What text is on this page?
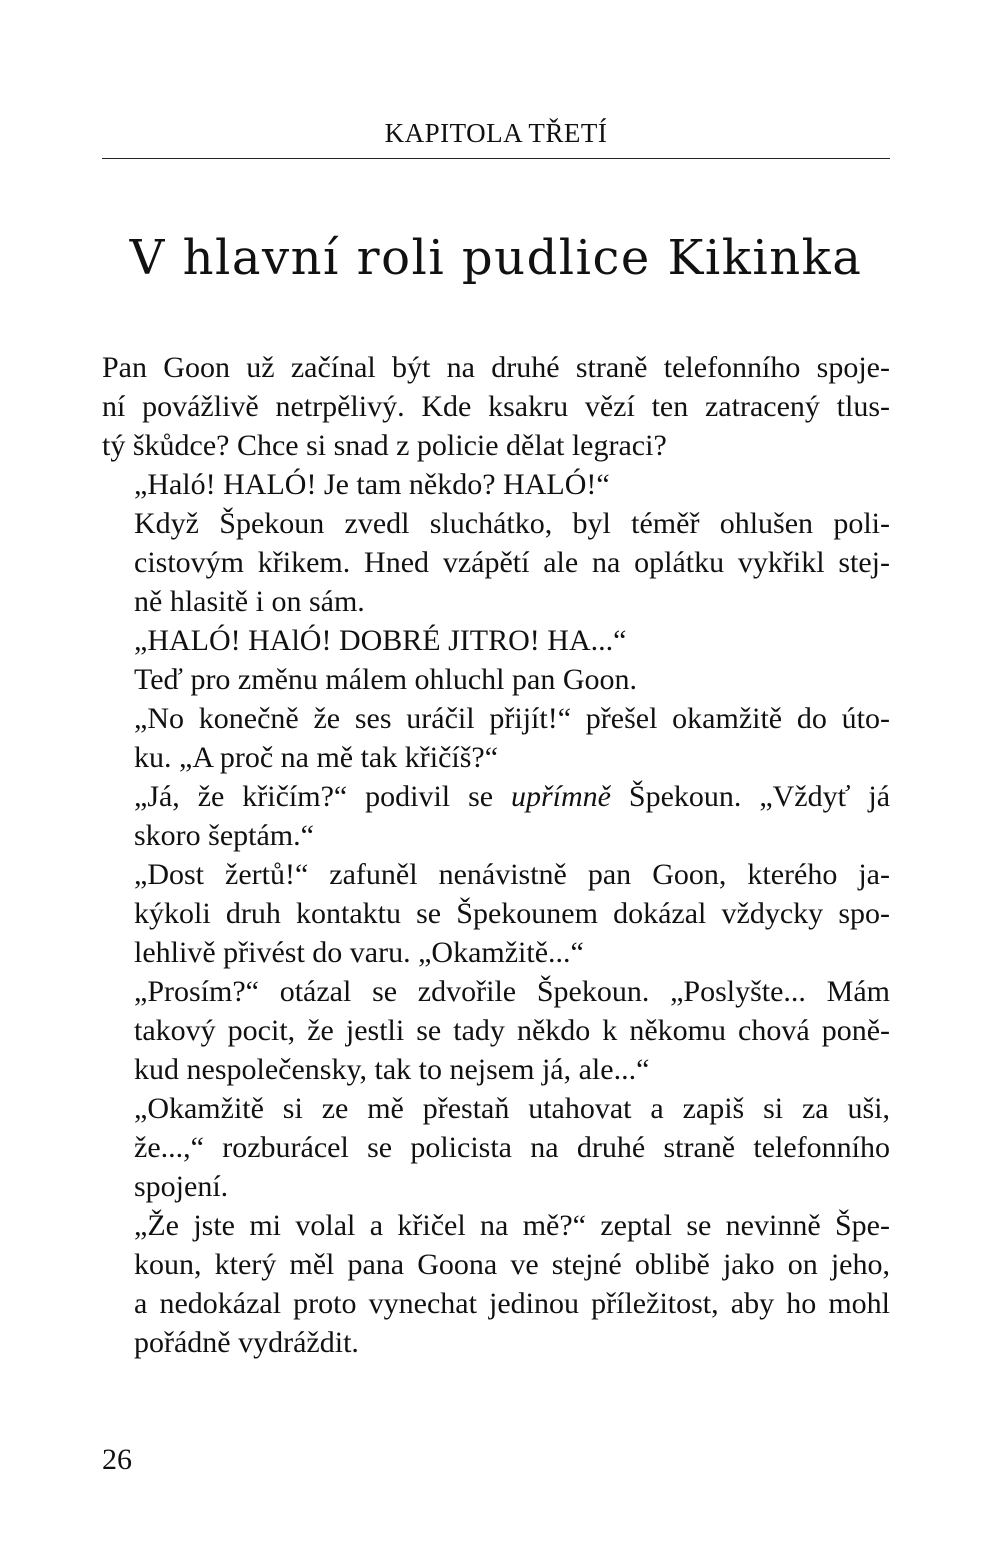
KAPITOLA TŘETÍ
V hlavní roli pudlice Kikinka

Pan Goon už začínal být na druhé straně telefonního spoje-
ní povážlivě netrpělivý. Kde ksakru vězí ten zatracený tlus-
tý škůdce? Chce si snad z policie dělat legraci?

„Haló! HALÓ! Je tam někdo? HALÓ!“

Když Špekoun zvedl sluchátko, byl téměř ohlušen poli-
cistovým křikem. Hned vzápětí ale na oplátku vykřikl stej-
ně hlasitě i on sám.

„HALÓ! HAlÓ! DOBRÉ JITRO! HA...“

Teď pro změnu málem ohluchl pan Goon.

„No konečně že ses uráčil přijít!“ přešel okamžitě do úto-
ku. „A proč na mě tak křičíš?“

„Já, že křičím?“ podivil se upřímně Špekoun. „Vždyť já
skoro šeptám.“

„Dost žertů!“ zafuněl nenávistně pan Goon, kterého ja-
kýkoli druh kontaktu se Špekounem dokázal vždycky spo-
lehlivě přivést do varu. „Okamžitě...“

„Prosím?“ otázal se zdvořile Špekoun. „Poslyšte... Mám
takový pocit, že jestli se tady někdo k někomu chová poně-
kud nespolečensky, tak to nejsem já, ale...“

„Okamžitě si ze mě přestaň utahovat a zapiš si za uši,
že...,“ rozburácel se policista na druhé straně telefonního
spojení.

„Že jste mi volal a křičel na mě?“ zeptal se nevinně Špe-
koun, který měl pana Goona ve stejné oblibě jako on jeho,
a nedokázal proto vynechat jedinou příležitost, aby ho mohl
pořádně vydráždit.

26
